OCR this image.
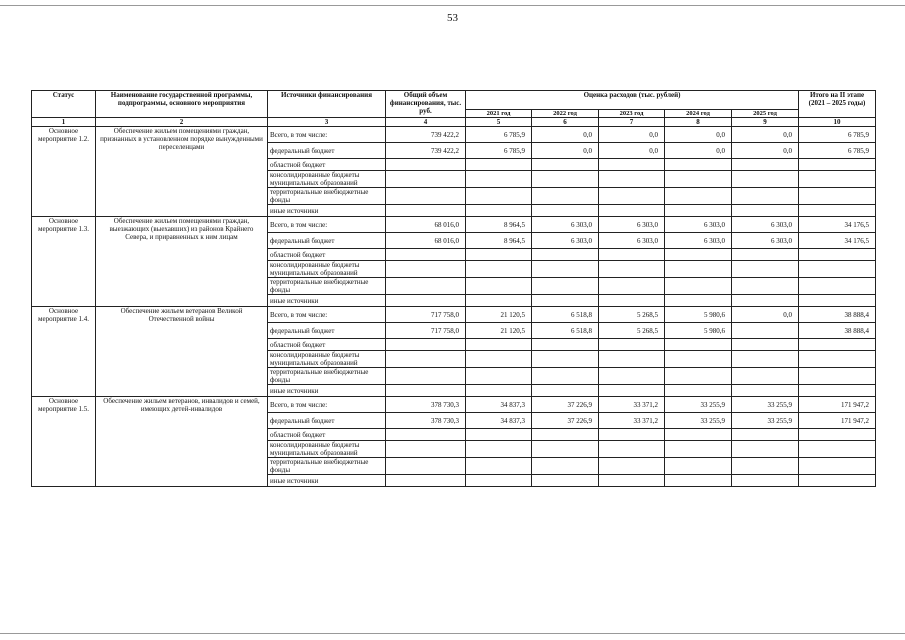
53
Статус	Наименование государственной программы, подпрограммы, основного мероприятия	Источники финансирования	Общий объем финансирования, тыс. руб.	Оценка расходов (тыс. рублей)					Итого на II этапе (2021 – 2025 годы)
				2021 год	2022 год	2023 год	2024 год	2025 год	
1	2	3	4	5	6	7	8	9	10
Основное мероприятие 1.2.	Обеспечение жильем помещениями граждан, признанных в установленном порядке вынужденными переселенцами	Всего, в том числе:	739 422,2	6 785,9	0,0	0,0	0,0	0,0	6 785,9
		федеральный бюджет	739 422,2	6 785,9	0,0	0,0	0,0	0,0	6 785,9
		областной бюджет							
		консолидированные бюджеты муниципальных образований							
		территориальные внебюджетные фонды							
		иные источники							
Основное мероприятие 1.3.	Обеспечение жильем помещениями граждан, выезжающих (выехавших) из районов Крайнего Севера, и приравненных к ним лицам	Всего, в том числе:	68 016,0	8 964,5	6 303,0	6 303,0	6 303,0	6 303,0	34 176,5
		федеральный бюджет	68 016,0	8 964,5	6 303,0	6 303,0	6 303,0	6 303,0	34 176,5
		областной бюджет							
		консолидированные бюджеты муниципальных образований							
		территориальные внебюджетные фонды							
		иные источники							
Основное мероприятие 1.4.	Обеспечение жильем ветеранов Великой Отечественной войны	Всего, в том числе:	717 758,0	21 120,5	6 518,8	5 268,5	5 980,6	0,0	38 888,4
		федеральный бюджет	717 758,0	21 120,5	6 518,8	5 268,5	5 980,6		38 888,4
		областной бюджет							
		консолидированные бюджеты муниципальных образований							
		территориальные внебюджетные фонды							
		иные источники							
Основное мероприятие 1.5.	Обеспечение жильем ветеранов, инвалидов и семей, имеющих детей-инвалидов	Всего, в том числе:	378 730,3	34 837,3	37 226,9	33 371,2	33 255,9	33 255,9	171 947,2
		федеральный бюджет	378 730,3	34 837,3	37 226,9	33 371,2	33 255,9	33 255,9	171 947,2
		областной бюджет							
		консолидированные бюджеты муниципальных образований							
		территориальные внебюджетные фонды							
		иные источники							
